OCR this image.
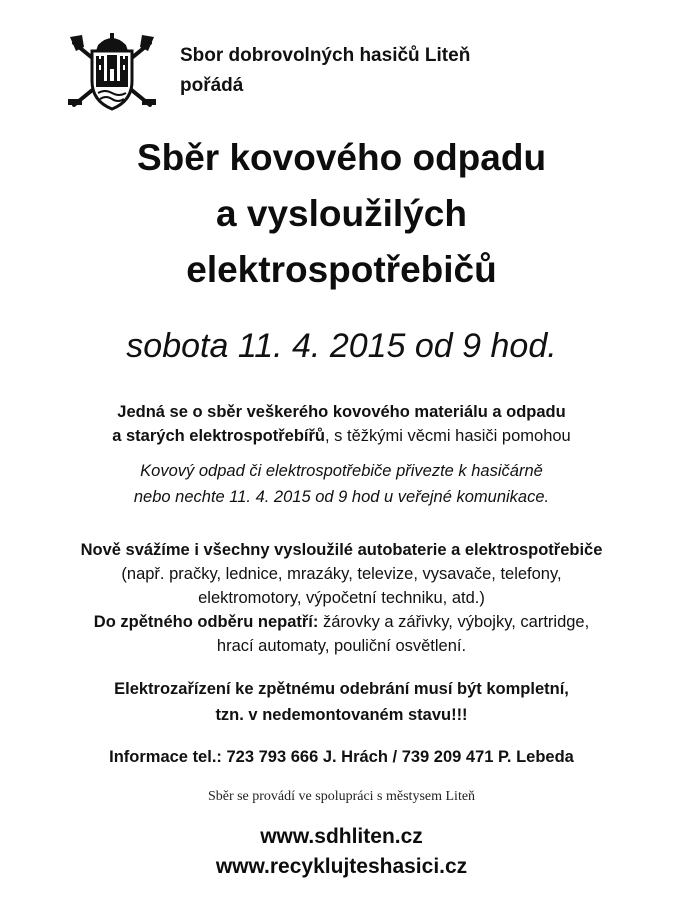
Sbor dobrovolných hasičů Liteň
pořádá
Sběr kovového odpadu
a vysloužilých
elektrospotřebičů
sobota 11. 4. 2015 od 9 hod.
Jedná se o sběr veškerého kovového materiálu a odpadu
a starých elektrospotřebířů, s těžkými věcmi hasiči pomohou
Kovový odpad či elektrospotřebiče přivezte k hasičárně
nebo nechte 11. 4. 2015 od 9 hod u veřejné komunikace.
Nově svážíme i všechny vysloužilé autobaterie a elektrospotřebiče
(např. pračky, lednice, mrazáky, televize, vysavače, telefony,
elektromotory, výpočetní techniku, atd.)
Do zpětného odběru nepatří: žárovky a zářivky, výbojky, cartridge,
hrací automaty, pouliční osvětlení.
Elektrozařízení ke zpětnému odebrání musí být kompletní,
tzn. v nedemontovaném stavu!!!
Informace tel.: 723 793 666 J. Hrách / 739 209 471 P. Lebeda
Sběr se provádí ve spolupráci s městysem Liteň
www.sdhliten.cz
www.recyklujteshasici.cz
